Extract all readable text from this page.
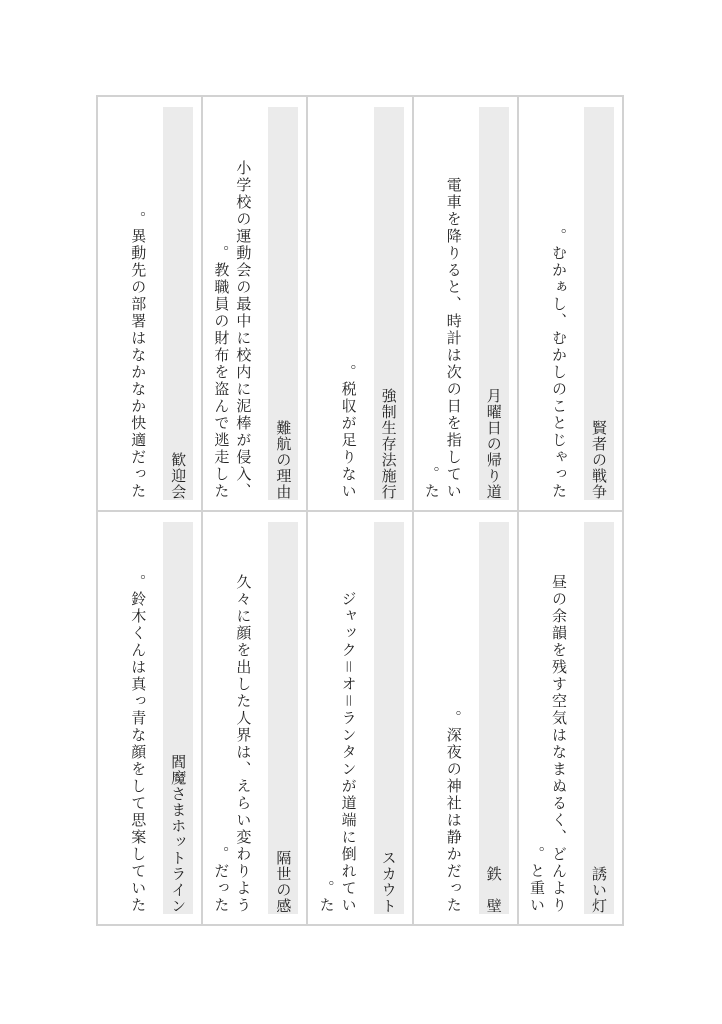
賢者の戦争
むかぁし、むかしのことじゃった。
月曜日の帰り道
電車を降りると、時計は次の日を指していた。
強制生存法施行
税収が足りない。
難航の理由
小学校の運動会の最中に校内に泥棒が侵入、教職員の財布を盗んで逃走した。
歓迎会
異動先の部署はなかなか快適だった。
誘い灯
昼の余韻を残す空気はなまぬるく、どんよりと重い。
鉄　壁
深夜の神社は静かだった。
スカウト
ジャック＝オ＝ランタンが道端に倒れていた。
隔世の感
久々に顔を出した人界は、えらい変わりようだった。
閻魔さまホットライン
鈴木くんは真っ青な顔をして思案していた。
